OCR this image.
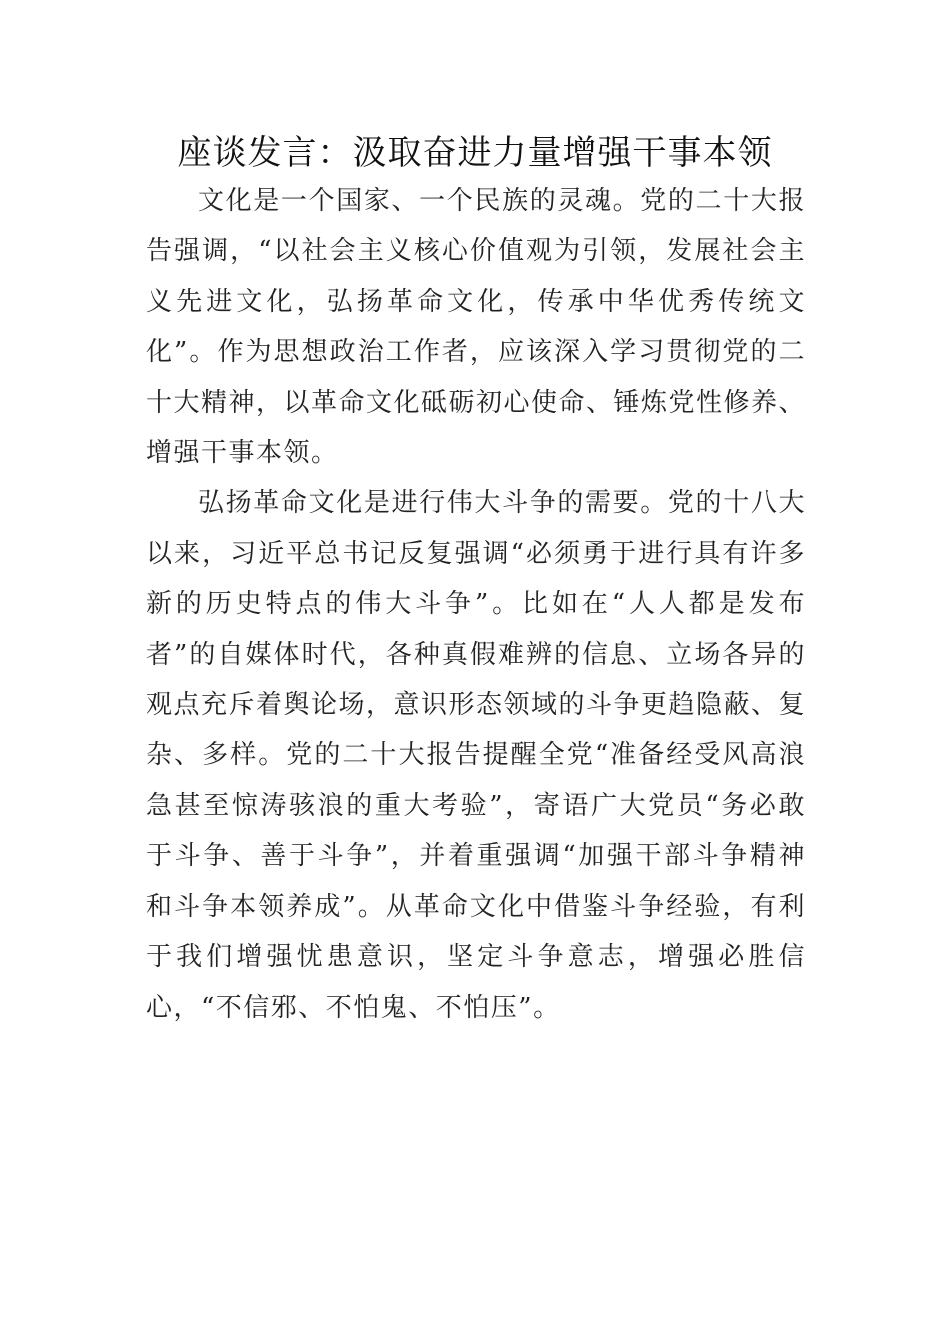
座谈发言：汲取奋进力量增强干事本领

文化是一个国家、一个民族的灵魂。党的二十大报告强调，“以社会主义核心价值观为引领，发展社会主义先进文化，弘扬革命文化，传承中华优秀传统文化”。作为思想政治工作者，应该深入学习贯彻党的二十大精神，以革命文化砥砺初心使命、锤炼党性修养、增强干事本领。

弘扬革命文化是进行伟大斗争的需要。党的十八大以来，习近平总书记反复强调“必须勇于进行具有许多新的历史特点的伟大斗争”。比如在“人人都是发布者”的自媒体时代，各种真假难辨的信息、立场各异的观点充斥着舆论场，意识形态领域的斗争更趋隐蔽、复杂、多样。党的二十大报告提醒全党“准备经受风高浪急甚至惊涛骇浪的重大考验”，寄语广大党员“务必敢于斗争、善于斗争”，并着重强调“加强干部斗争精神和斗争本领养成”。从革命文化中借鉴斗争经验，有利于我们增强忧患意识，坚定斗争意志，增强必胜信心，“不信邪、不怕鬼、不怕压”。
